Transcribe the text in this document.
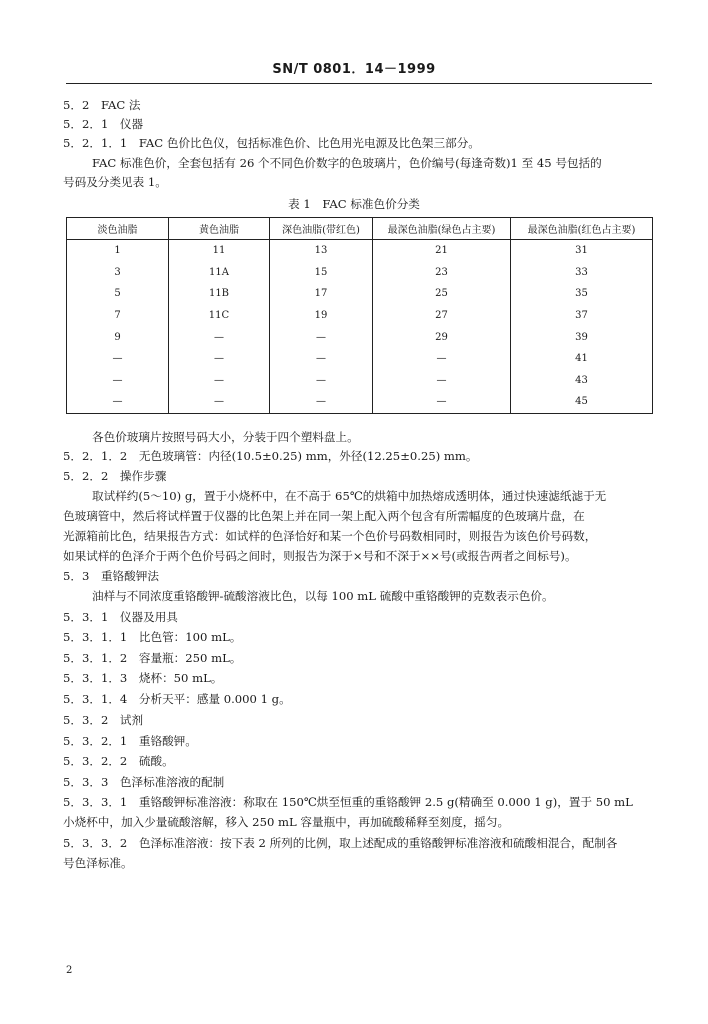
SN/T 0801．14－1999
5．2　FAC 法
5．2．1　仪器
5．2．1．1　FAC 色价比色仪，包括标准色价、比色用光电源及比色架三部分。
FAC 标准色价，全套包括有 26 个不同色价数字的色玻璃片，色价编号(每逢奇数)1 至 45 号包括的
号码及分类见表 1。
表 1　FAC 标准色价分类
淡色油脂	黄色油脂	深色油脂(带红色)	最深色油脂(绿色占主要)	最深色油脂(红色占主要)
1	11	13	21	31
3	11A	15	23	33
5	11B	17	25	35
7	11C	19	27	37
9	—	—	29	39
—	—	—	—	41
—	—	—	—	43
—	—	—	—	45
各色价玻璃片按照号码大小，分装于四个塑料盘上。
5．2．1．2　无色玻璃管：内径(10.5±0.25) mm，外径(12.25±0.25) mm。
5．2．2　操作步骤
取试样约(5～10) g，置于小烧杯中，在不高于 65℃的烘箱中加热熔成透明体，通过快速滤纸滤于无
色玻璃管中，然后将试样置于仪器的比色架上并在同一架上配入两个包含有所需幅度的色玻璃片盘，在
光源箱前比色，结果报告方式：如试样的色泽恰好和某一个色价号码数相同时，则报告为该色价号码数，
如果试样的色泽介于两个色价号码之间时，则报告为深于×号和不深于××号(或报告两者之间标号)。
5．3　重铬酸钾法
油样与不同浓度重铬酸钾-硫酸溶液比色，以每 100 mL 硫酸中重铬酸钾的克数表示色价。
5．3．1　仪器及用具
5．3．1．1　比色管：100 mL。
5．3．1．2　容量瓶：250 mL。
5．3．1．3　烧杯：50 mL。
5．3．1．4　分析天平：感量 0.000 1 g。
5．3．2　试剂
5．3．2．1　重铬酸钾。
5．3．2．2　硫酸。
5．3．3　色泽标准溶液的配制
5．3．3．1　重铬酸钾标准溶液：称取在 150℃烘至恒重的重铬酸钾 2.5 g(精确至 0.000 1 g)，置于 50 mL
小烧杯中，加入少量硫酸溶解，移入 250 mL 容量瓶中，再加硫酸稀释至刻度，摇匀。
5．3．3．2　色泽标准溶液：按下表 2 所列的比例，取上述配成的重铬酸钾标准溶液和硫酸相混合，配制各
号色泽标准。
2
